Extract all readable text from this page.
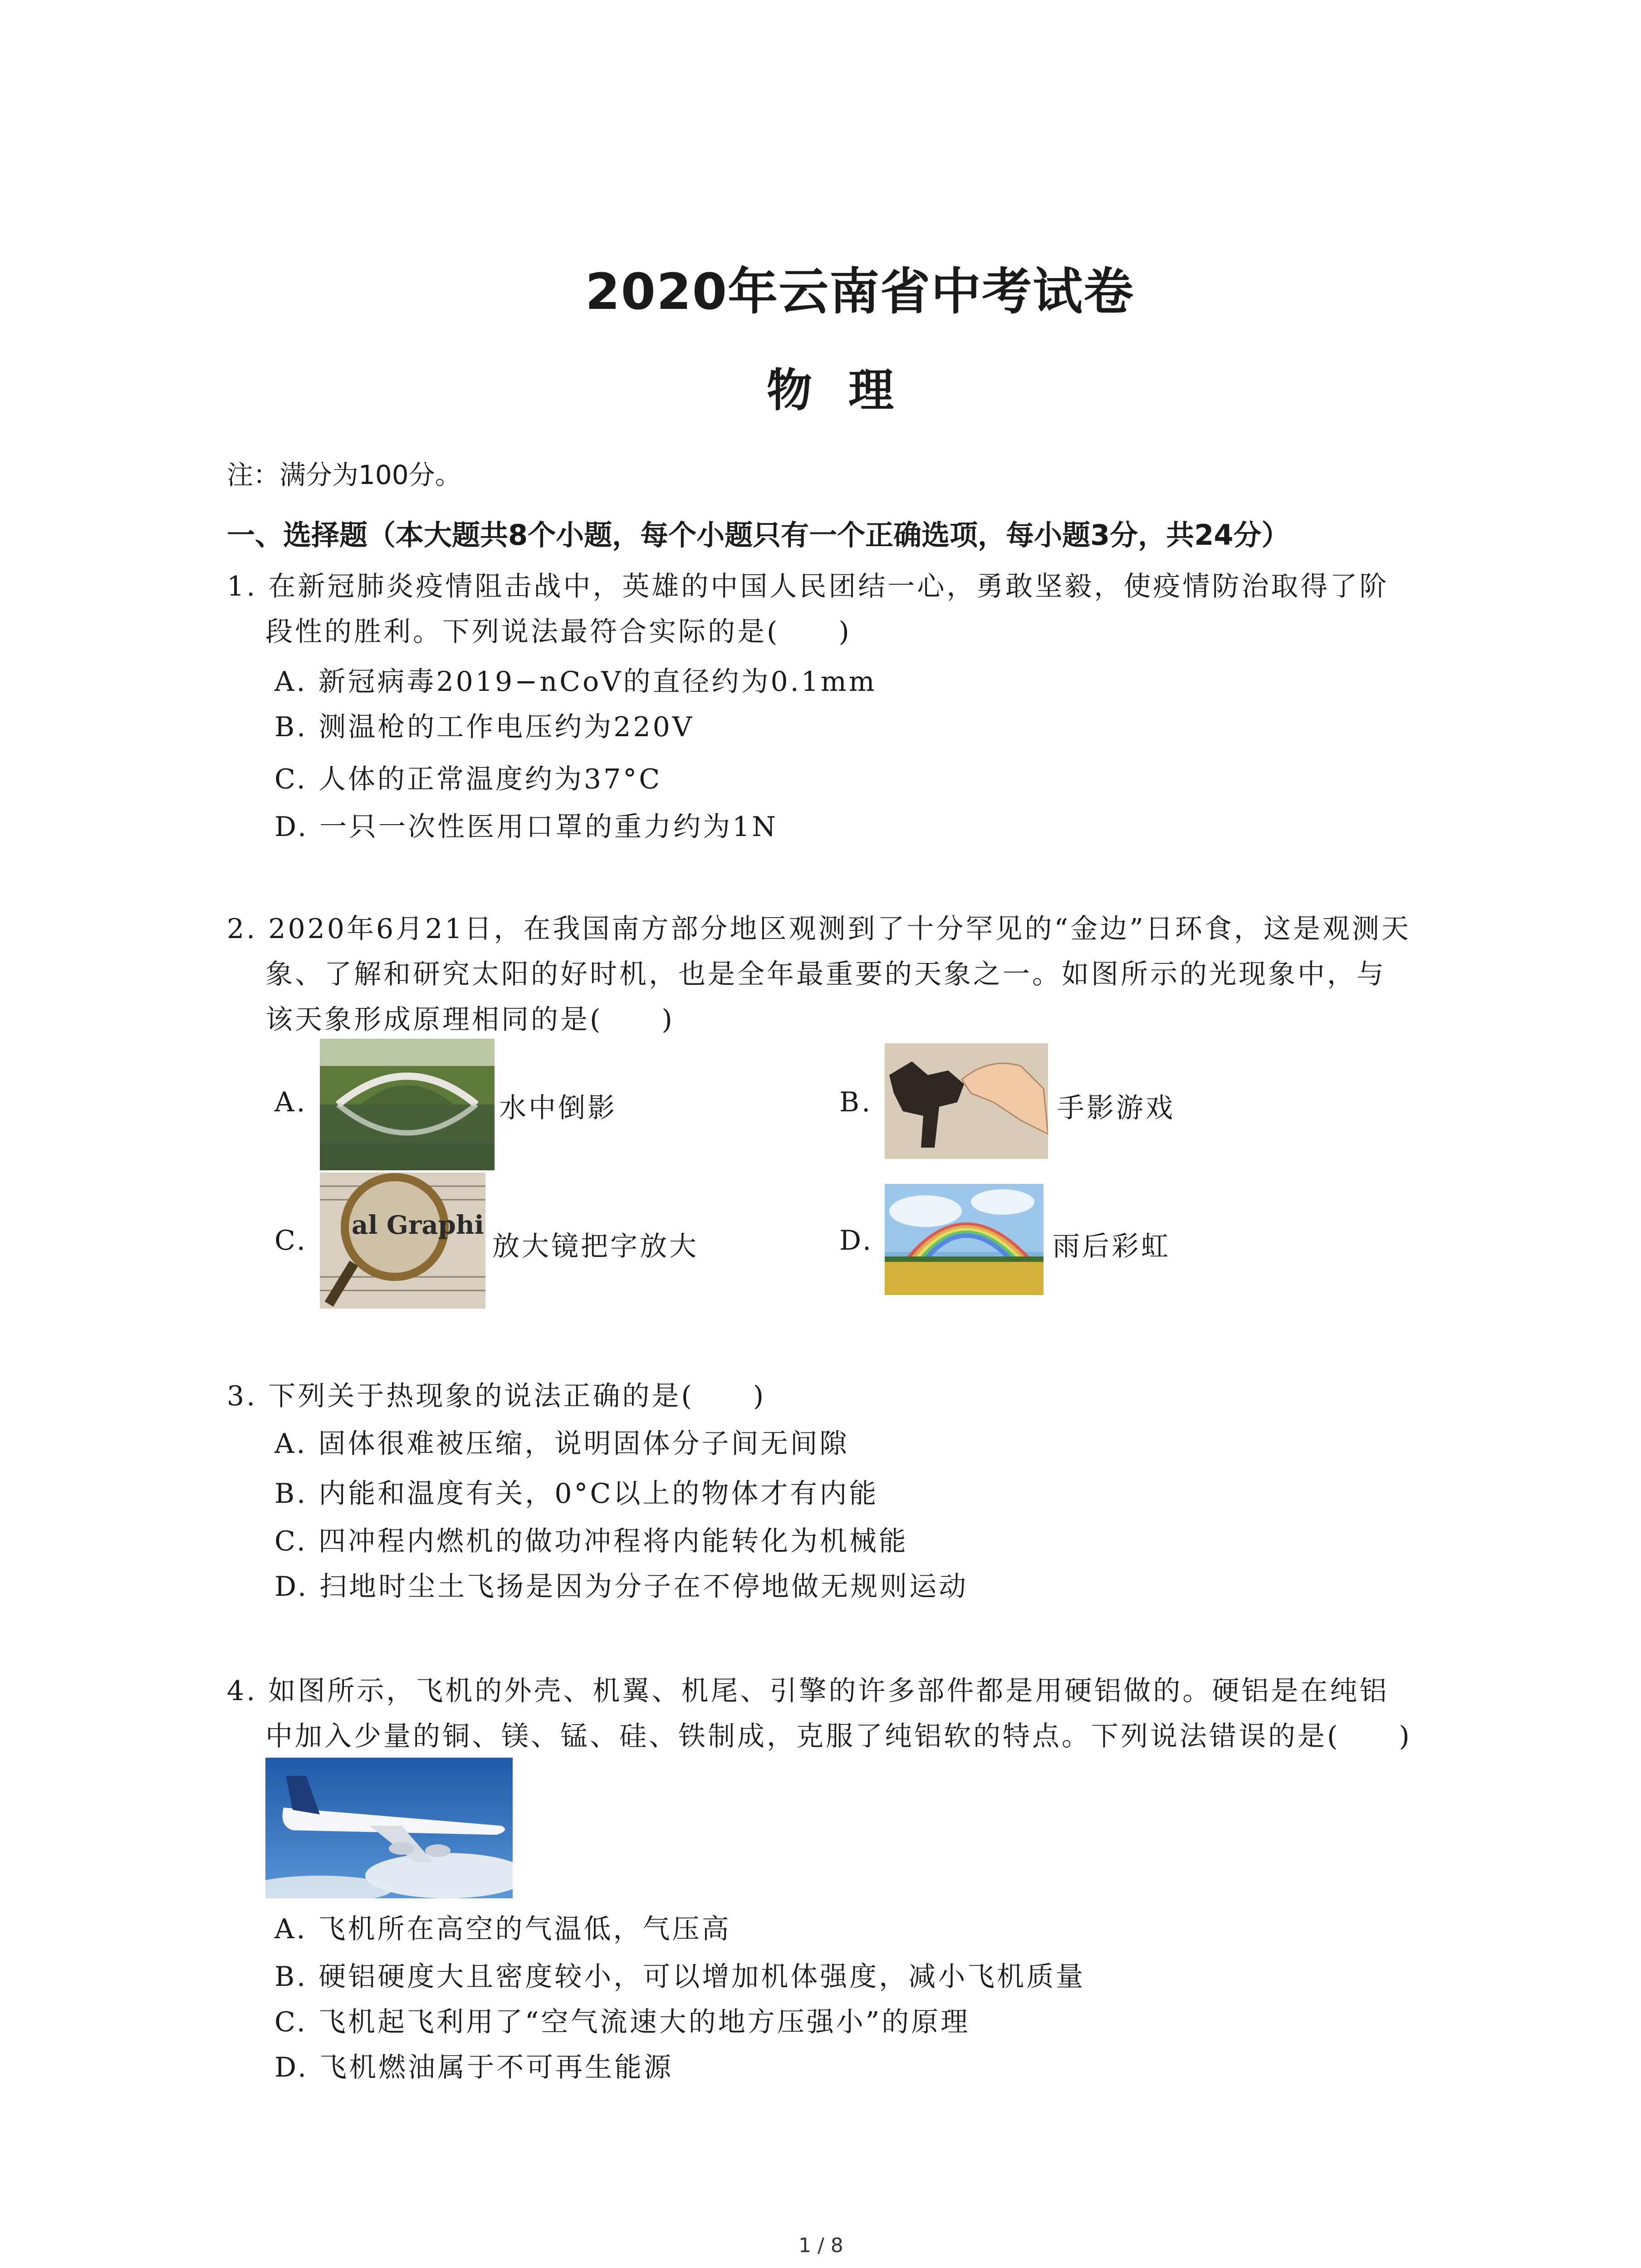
2020年云南省中考试卷
物理
注：满分为100分。
一、选择题（本大题共8个小题，每个小题只有一个正确选项，每小题3分，共24分）
1. 在新冠肺炎疫情阻击战中，英雄的中国人民团结一心，勇敢坚毅，使疫情防治取得了阶
段性的胜利。下列说法最符合实际的是(　　)
A. 新冠病毒2019−nCoV的直径约为0.1mm
B. 测温枪的工作电压约为220V
C. 人体的正常温度约为37°C
D. 一只一次性医用口罩的重力约为1N
2. 2020年6月21日，在我国南方部分地区观测到了十分罕见的“金边”日环食，这是观测天
象、了解和研究太阳的好时机，也是全年最重要的天象之一。如图所示的光现象中，与
该天象形成原理相同的是(　　)
A.	水中倒影	B.	手影游戏
C. al Graphi
放大镜把字放大	D.	雨后彩虹
3. 下列关于热现象的说法正确的是(　　)
A. 固体很难被压缩，说明固体分子间无间隙
B. 内能和温度有关，0°C以上的物体才有内能
C. 四冲程内燃机的做功冲程将内能转化为机械能
D. 扫地时尘土飞扬是因为分子在不停地做无规则运动
4. 如图所示，飞机的外壳、机翼、机尾、引擎的许多部件都是用硬铝做的。硬铝是在纯铝
中加入少量的铜、镁、锰、硅、铁制成，克服了纯铝软的特点。下列说法错误的是(　　)
A. 飞机所在高空的气温低，气压高
B. 硬铝硬度大且密度较小，可以增加机体强度，减小飞机质量
C. 飞机起飞利用了“空气流速大的地方压强小”的原理
D. 飞机燃油属于不可再生能源
1 / 8
